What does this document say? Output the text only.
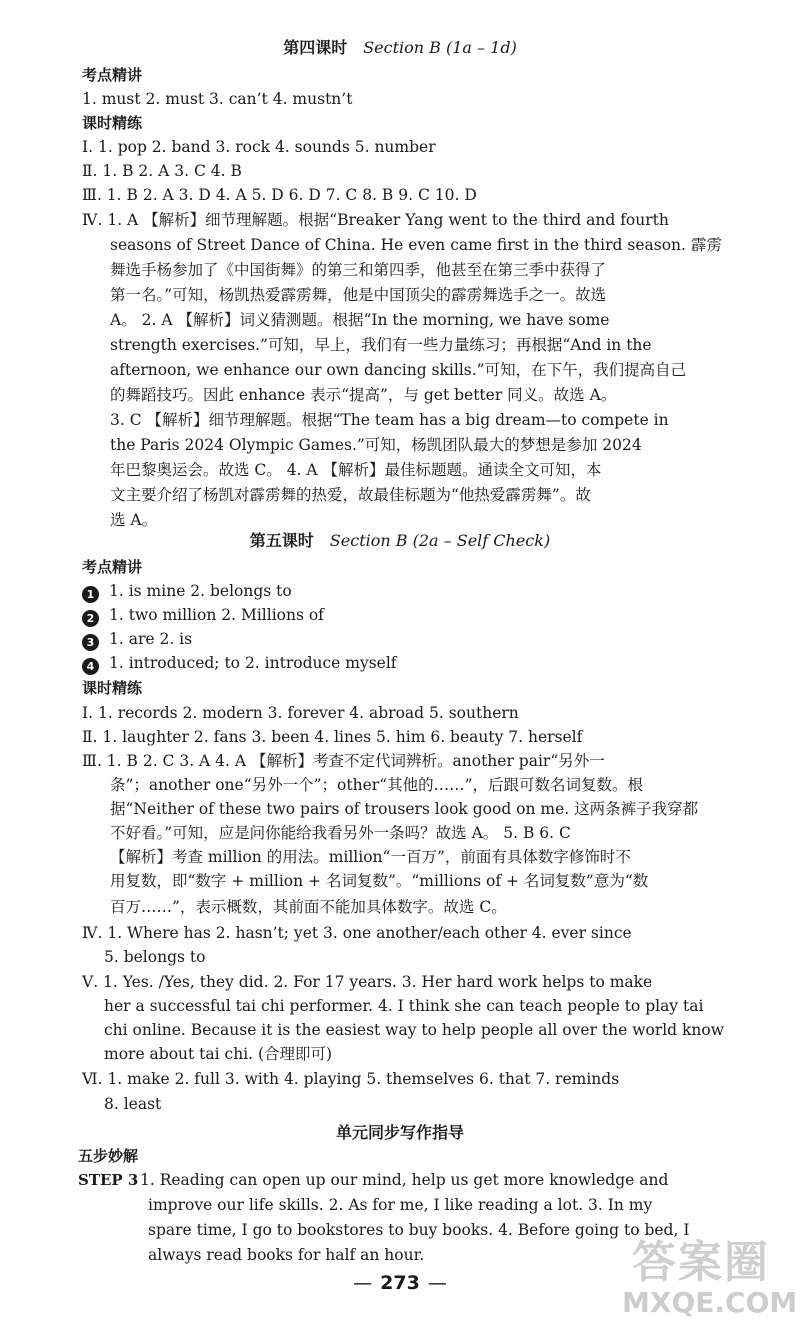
第四课时 Section B (1a – 1d)
考点精讲
1. must 2. must 3. can’t 4. mustn’t
课时精练
Ⅰ. 1. pop 2. band 3. rock 4. sounds 5. number
Ⅱ. 1. B 2. A 3. C 4. B
Ⅲ. 1. B 2. A 3. D 4. A 5. D 6. D 7. C 8. B 9. C 10. D
Ⅳ. 1. A 【解析】细节理解题。根据“Breaker Yang went to the third and fourth
seasons of Street Dance of China. He even came first in the third season. 霹雳
舞选手杨参加了《中国街舞》的第三和第四季，他甚至在第三季中获得了
第一名。”可知，杨凯热爱霹雳舞，他是中国顶尖的霹雳舞选手之一。故选
A。 2. A 【解析】词义猜测题。根据“In the morning, we have some
strength exercises.”可知，早上，我们有一些力量练习；再根据“And in the
afternoon, we enhance our own dancing skills.”可知，在下午，我们提高自己
的舞蹈技巧。因此 enhance 表示“提高”，与 get better 同义。故选 A。
3. C 【解析】细节理解题。根据“The team has a big dream—to compete in
the Paris 2024 Olympic Games.”可知，杨凯团队最大的梦想是参加 2024
年巴黎奥运会。故选 C。 4. A 【解析】最佳标题题。通读全文可知，本
文主要介绍了杨凯对霹雳舞的热爱，故最佳标题为“他热爱霹雳舞”。故
选 A。
第五课时 Section B (2a – Self Check)
考点精讲
1 1. is mine 2. belongs to
2 1. two million 2. Millions of
3 1. are 2. is
4 1. introduced; to 2. introduce myself
课时精练
Ⅰ. 1. records 2. modern 3. forever 4. abroad 5. southern
Ⅱ. 1. laughter 2. fans 3. been 4. lines 5. him 6. beauty 7. herself
Ⅲ. 1. B 2. C 3. A 4. A 【解析】考查不定代词辨析。another pair“另外一
条”；another one“另外一个”；other“其他的……”，后跟可数名词复数。根
据“Neither of these two pairs of trousers look good on me. 这两条裤子我穿都
不好看。”可知，应是问你能给我看另外一条吗？故选 A。 5. B 6. C
【解析】考查 million 的用法。million“一百万”，前面有具体数字修饰时不
用复数，即“数字 + million + 名词复数”。“millions of + 名词复数”意为“数
百万……”，表示概数，其前面不能加具体数字。故选 C。
Ⅳ. 1. Where has 2. hasn’t; yet 3. one another/each other 4. ever since
5. belongs to
Ⅴ. 1. Yes. /Yes, they did. 2. For 17 years. 3. Her hard work helps to make
her a successful tai chi performer. 4. I think she can teach people to play tai
chi online. Because it is the easiest way to help people all over the world know
more about tai chi. (合理即可)
Ⅵ. 1. make 2. full 3. with 4. playing 5. themselves 6. that 7. reminds
8. least
单元同步写作指导
五步妙解
STEP 3 1. Reading can open up our mind, help us get more knowledge and
improve our life skills. 2. As for me, I like reading a lot. 3. In my
spare time, I go to bookstores to buy books. 4. Before going to bed, I
always read books for half an hour.
— 273 —	答案圈
MXQE.COM
